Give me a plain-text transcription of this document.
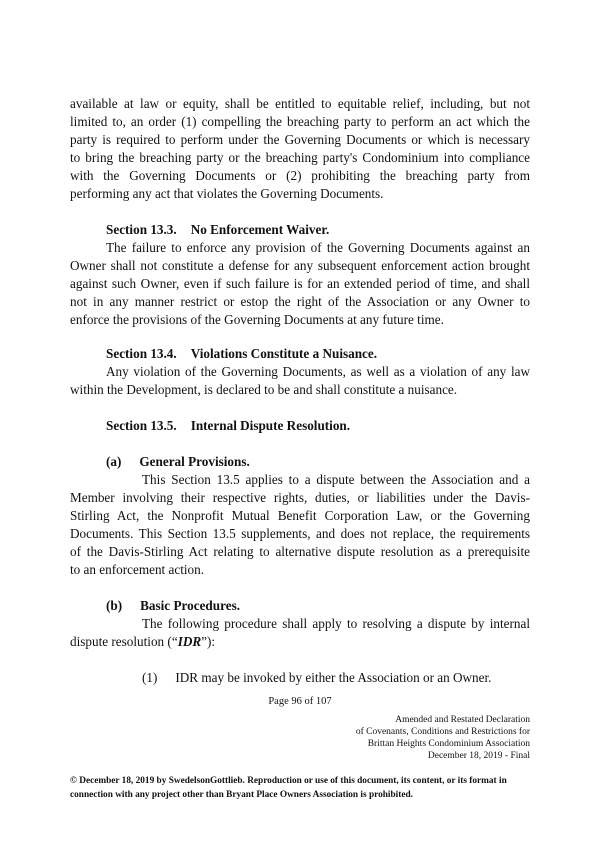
available at law or equity, shall be entitled to equitable relief, including, but not
limited to, an order (1) compelling the breaching party to perform an act which the
party is required to perform under the Governing Documents or which is necessary
to bring the breaching party or the breaching party's Condominium into compliance
with the Governing Documents or (2) prohibiting the breaching party from
performing any act that violates the Governing Documents.
Section 13.3. No Enforcement Waiver.
The failure to enforce any provision of the Governing Documents against an
Owner shall not constitute a defense for any subsequent enforcement action brought
against such Owner, even if such failure is for an extended period of time, and shall
not in any manner restrict or estop the right of the Association or any Owner to
enforce the provisions of the Governing Documents at any future time.
Section 13.4. Violations Constitute a Nuisance.
Any violation of the Governing Documents, as well as a violation of any law
within the Development, is declared to be and shall constitute a nuisance.
Section 13.5. Internal Dispute Resolution.
(a) General Provisions.
This Section 13.5 applies to a dispute between the Association and a
Member involving their respective rights, duties, or liabilities under the Davis-
Stirling Act, the Nonprofit Mutual Benefit Corporation Law, or the Governing
Documents. This Section 13.5 supplements, and does not replace, the requirements
of the Davis-Stirling Act relating to alternative dispute resolution as a prerequisite
to an enforcement action.
(b) Basic Procedures.
The following procedure shall apply to resolving a dispute by internal
dispute resolution (“IDR”):
(1) IDR may be invoked by either the Association or an Owner.
Page 96 of 107
Amended and Restated Declaration
of Covenants, Conditions and Restrictions for
Brittan Heights Condominium Association
December 18, 2019 - Final
© December 18, 2019 by SwedelsonGottlieb. Reproduction or use of this document, its content, or its format in
connection with any project other than Bryant Place Owners Association is prohibited.
